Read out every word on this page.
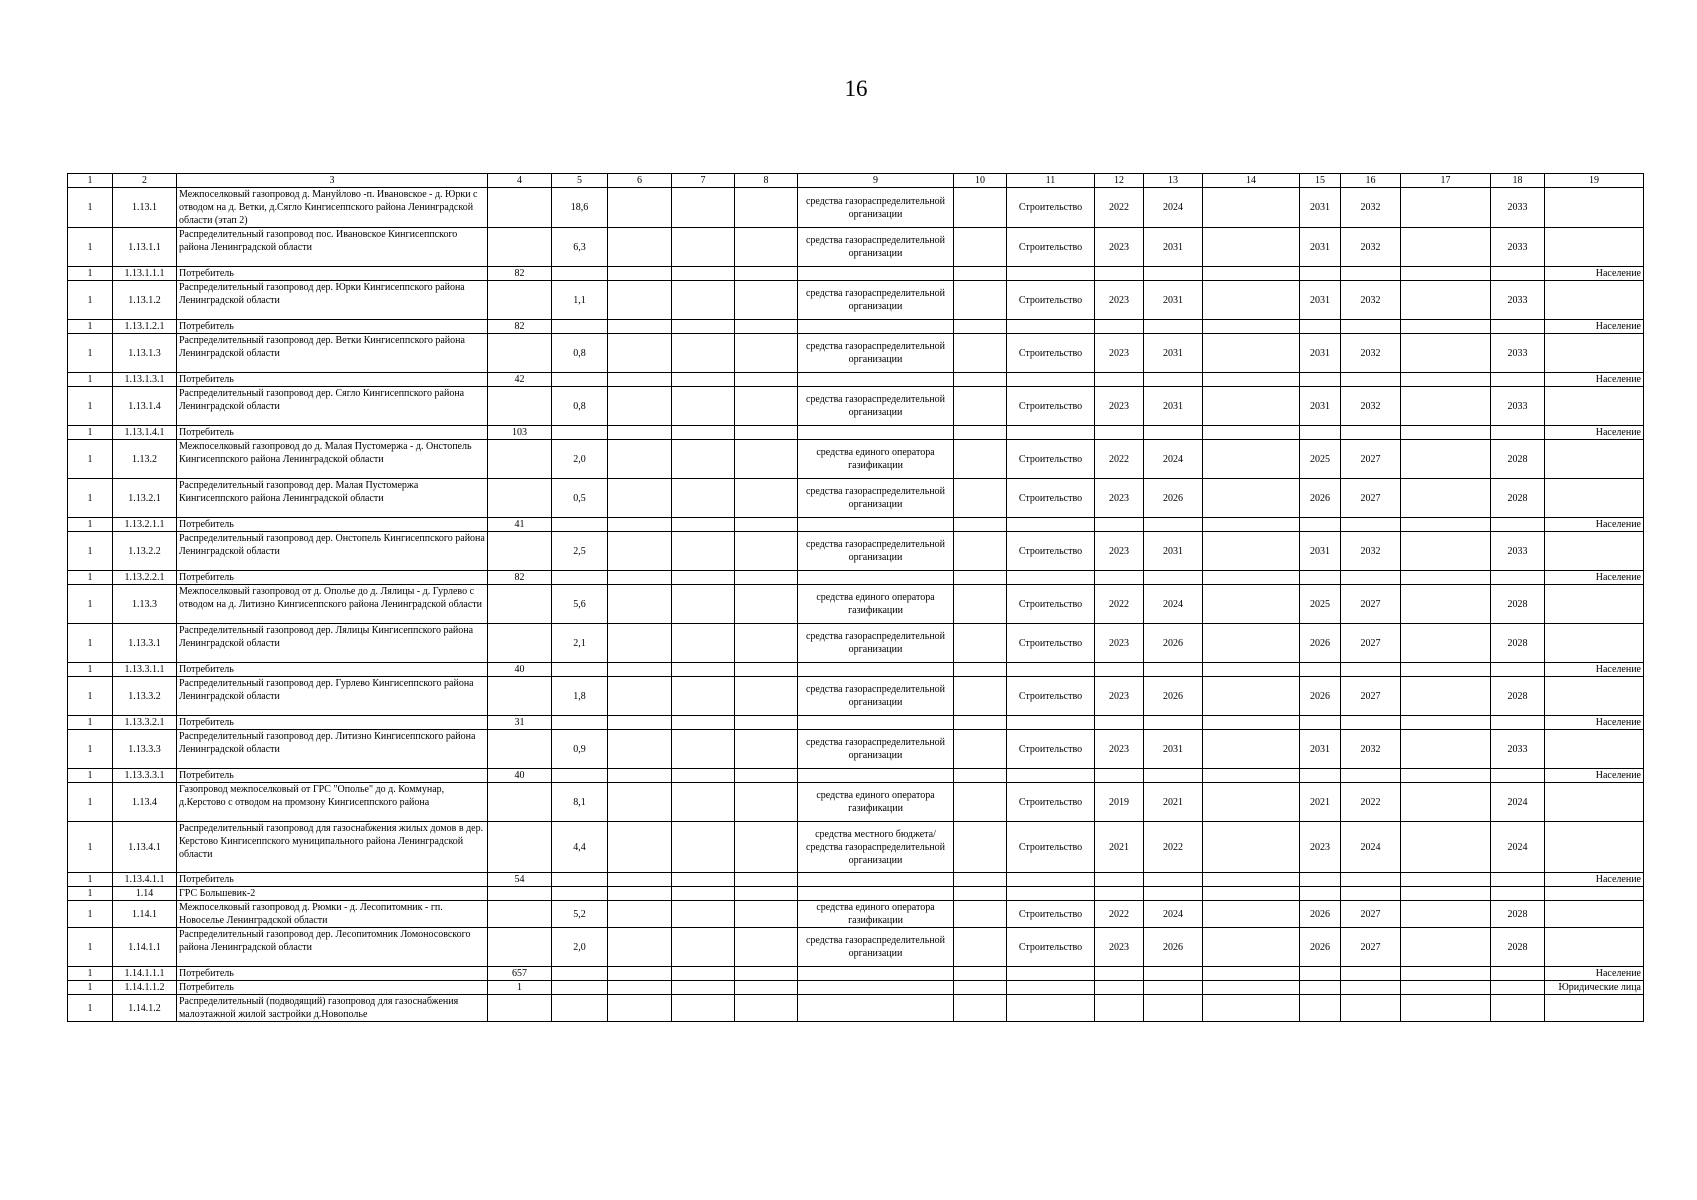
16
1	2	3	4	5	6	7	8	9	10	11	12	13	14	15	16	17	18	19
1	1.13.1	Межпоселковый газопровод д. Мануйлово -п. Ивановское - д. Юрки с отводом на д. Ветки, д.Сягло Кингисеппского района Ленинградской области (этап 2)		18,6				средства газораспределительной организации		Строительство	2022	2024		2031	2032		2033	
1	1.13.1.1	Распределительный газопровод пос. Ивановское Кингисеппского района Ленинградской области		6,3				средства газораспределительной организации		Строительство	2023	2031		2031	2032		2033	
1	1.13.1.1.1	Потребитель	82															Население
1	1.13.1.2	Распределительный газопровод дер. Юрки Кингисеппского района Ленинградской области		1,1				средства газораспределительной организации		Строительство	2023	2031		2031	2032		2033	
1	1.13.1.2.1	Потребитель	82															Население
1	1.13.1.3	Распределительный газопровод дер. Ветки Кингисеппского района Ленинградской области		0,8				средства газораспределительной организации		Строительство	2023	2031		2031	2032		2033	
1	1.13.1.3.1	Потребитель	42															Население
1	1.13.1.4	Распределительный газопровод дер. Сягло Кингисеппского района Ленинградской области		0,8				средства газораспределительной организации		Строительство	2023	2031		2031	2032		2033	
1	1.13.1.4.1	Потребитель	103															Население
1	1.13.2	Межпоселковый газопровод до д. Малая Пустомержа - д. Онстопель Кингисеппского района Ленинградской области		2,0				средства единого оператора газификации		Строительство	2022	2024		2025	2027		2028	
1	1.13.2.1	Распределительный газопровод дер. Малая Пустомержа Кингисеппского района Ленинградской области		0,5				средства газораспределительной организации		Строительство	2023	2026		2026	2027		2028	
1	1.13.2.1.1	Потребитель	41															Население
1	1.13.2.2	Распределительный газопровод дер. Онстопель Кингисеппского района Ленинградской области		2,5				средства газораспределительной организации		Строительство	2023	2031		2031	2032		2033	
1	1.13.2.2.1	Потребитель	82															Население
1	1.13.3	Межпоселковый газопровод от д. Ополье до д. Лялицы - д. Гурлево с отводом на д. Литизно Кингисеппского района Ленинградской области		5,6				средства единого оператора газификации		Строительство	2022	2024		2025	2027		2028	
1	1.13.3.1	Распределительный газопровод дер. Лялицы Кингисеппского района Ленинградской области		2,1				средства газораспределительной организации		Строительство	2023	2026		2026	2027		2028	
1	1.13.3.1.1	Потребитель	40															Население
1	1.13.3.2	Распределительный газопровод дер. Гурлево Кингисеппского района Ленинградской области		1,8				средства газораспределительной организации		Строительство	2023	2026		2026	2027		2028	
1	1.13.3.2.1	Потребитель	31															Население
1	1.13.3.3	Распределительный газопровод дер. Литизно Кингисеппского района Ленинградской области		0,9				средства газораспределительной организации		Строительство	2023	2031		2031	2032		2033	
1	1.13.3.3.1	Потребитель	40															Население
1	1.13.4	Газопровод межпоселковый от ГРС "Ополье" до д. Коммунар, д.Керстово с отводом на промзону Кингисеппского района		8,1				средства единого оператора газификации		Строительство	2019	2021		2021	2022		2024	
1	1.13.4.1	Распределительный газопровод для газоснабжения жилых домов в дер. Керстово Кингисеппского муниципального района Ленинградской области		4,4				средства местного бюджета/средства газораспределительной организации		Строительство	2021	2022		2023	2024		2024	
1	1.13.4.1.1	Потребитель	54															Население
1	1.14	ГРС Большевик-2																
1	1.14.1	Межпоселковый газопровод д. Рюмки - д. Лесопитомник - гп. Новоселье Ленинградской области		5,2				средства единого оператора газификации		Строительство	2022	2024		2026	2027		2028	
1	1.14.1.1	Распределительный газопровод дер. Лесопитомник Ломоносовского района Ленинградской области		2,0				средства газораспределительной организации		Строительство	2023	2026		2026	2027		2028	
1	1.14.1.1.1	Потребитель	657															Население
1	1.14.1.1.2	Потребитель	1															Юридические лица
1	1.14.1.2	Распределительный (подводящий) газопровод для газоснабжения малоэтажной жилой застройки д.Новополье																
